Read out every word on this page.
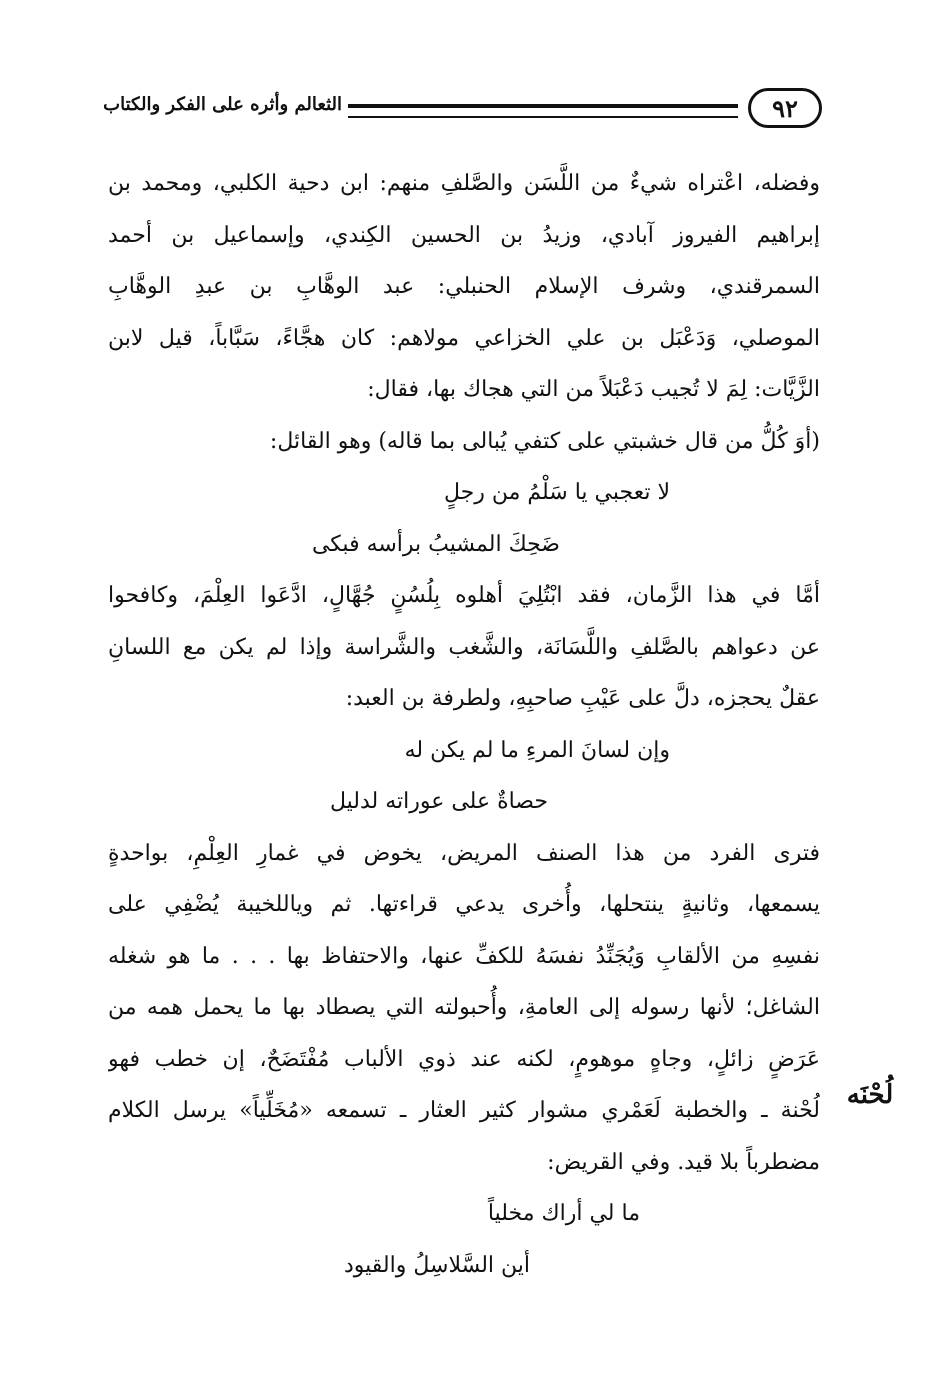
٩٢
الثعالم وأثره على الفكر والكتاب
وفضله، اعْتراه شيءٌ من اللَّسَن والصَّلفِ منهم: ابن دحية الكلبي، ومحمد بن
إبراهيم الفيروز آبادي، وزيدُ بن الحسين الكِندي، وإسماعيل بن أحمد
السمرقندي، وشرف الإسلام الحنبلي: عبد الوهَّابِ بن عبدِ الوهَّابِ
الموصلي، وَدَعْبَل بن علي الخزاعي مولاهم: كان هجَّاءً، سَبَّاباً، قيل لابن
الزَّيَّات: لِمَ لا تُجيب دَعْبَلاً من التي هجاك بها، فقال:
(أوَ كُلُّ من قال خشبتي على كتفي يُبالى بما قاله) وهو القائل:
لا تعجبي يا سَلْمُ من رجلٍ
ضَحِكَ المشيبُ برأسه فبكى
أمَّا في هذا الزَّمان، فقد ابْتُلِيَ أهلوه بِلُسُنٍ جُهَّالٍ، ادَّعَوا العِلْمَ، وكافحوا
عن دعواهم بالصَّلفِ واللَّسَانَة، والشَّغب والشَّراسة وإذا لم يكن مع اللسانِ
عقلٌ يحجزه، دلَّ على عَيْبِ صاحبِهِ، ولطرفة بن العبد:
وإن لسانَ المرءِ ما لم يكن له
حصاةٌ على عوراته لدليل
فترى الفرد من هذا الصنف المريض، يخوض في غمارِ العِلْمِ، بواحدةٍ
يسمعها، وثانيةٍ ينتحلها، وأُخرى يدعي قراءتها. ثم وياللخيبة يُضْفِي على
نفسِهِ من الألقابِ وَيُجَنِّدُ نفسَهُ للكفِّ عنها، والاحتفاظ بها . . . ما هو شغله
الشاغل؛ لأنها رسوله إلى العامةِ، وأُحبولته التي يصطاد بها ما يحمل همه من
عَرَضٍ زائلٍ، وجاهٍ موهومٍ، لكنه عند ذوي الألباب مُفْتَضَحٌ، إن خطب فهو
لُحْنة ـ والخطبة لَعَمْري مشوار كثير العثار ـ تسمعه «مُخَلِّياً» يرسل الكلام
مضطرباً بلا قيد. وفي القريض:
ما لي أراك مخلياً
أين السَّلاسِلُ والقيود
لُحْنَه
